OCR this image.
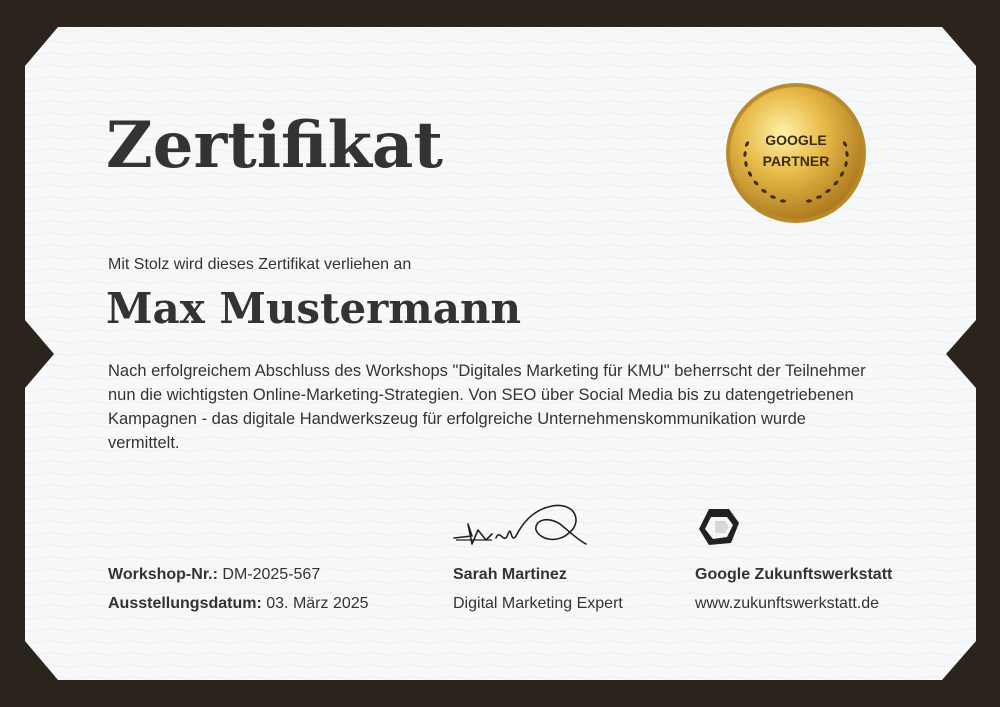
Zertifikat	GOOGLE
PARTNER
Mit Stolz wird dieses Zertifikat verliehen an
Max Mustermann
Nach erfolgreichem Abschluss des Workshops "Digitales Marketing für KMU" beherrscht der Teilnehmer nun die wichtigsten Online-Marketing-Strategien. Von SEO über Social Media bis zu datengetriebenen Kampagnen - das digitale Handwerkszeug für erfolgreiche Unternehmenskommunikation wurde vermittelt.
Workshop-Nr.: DM-2025-567
Ausstellungsdatum: 03. März 2025
Sarah Martinez
Digital Marketing Expert
Google Zukunftswerkstatt
www.zukunftswerkstatt.de
